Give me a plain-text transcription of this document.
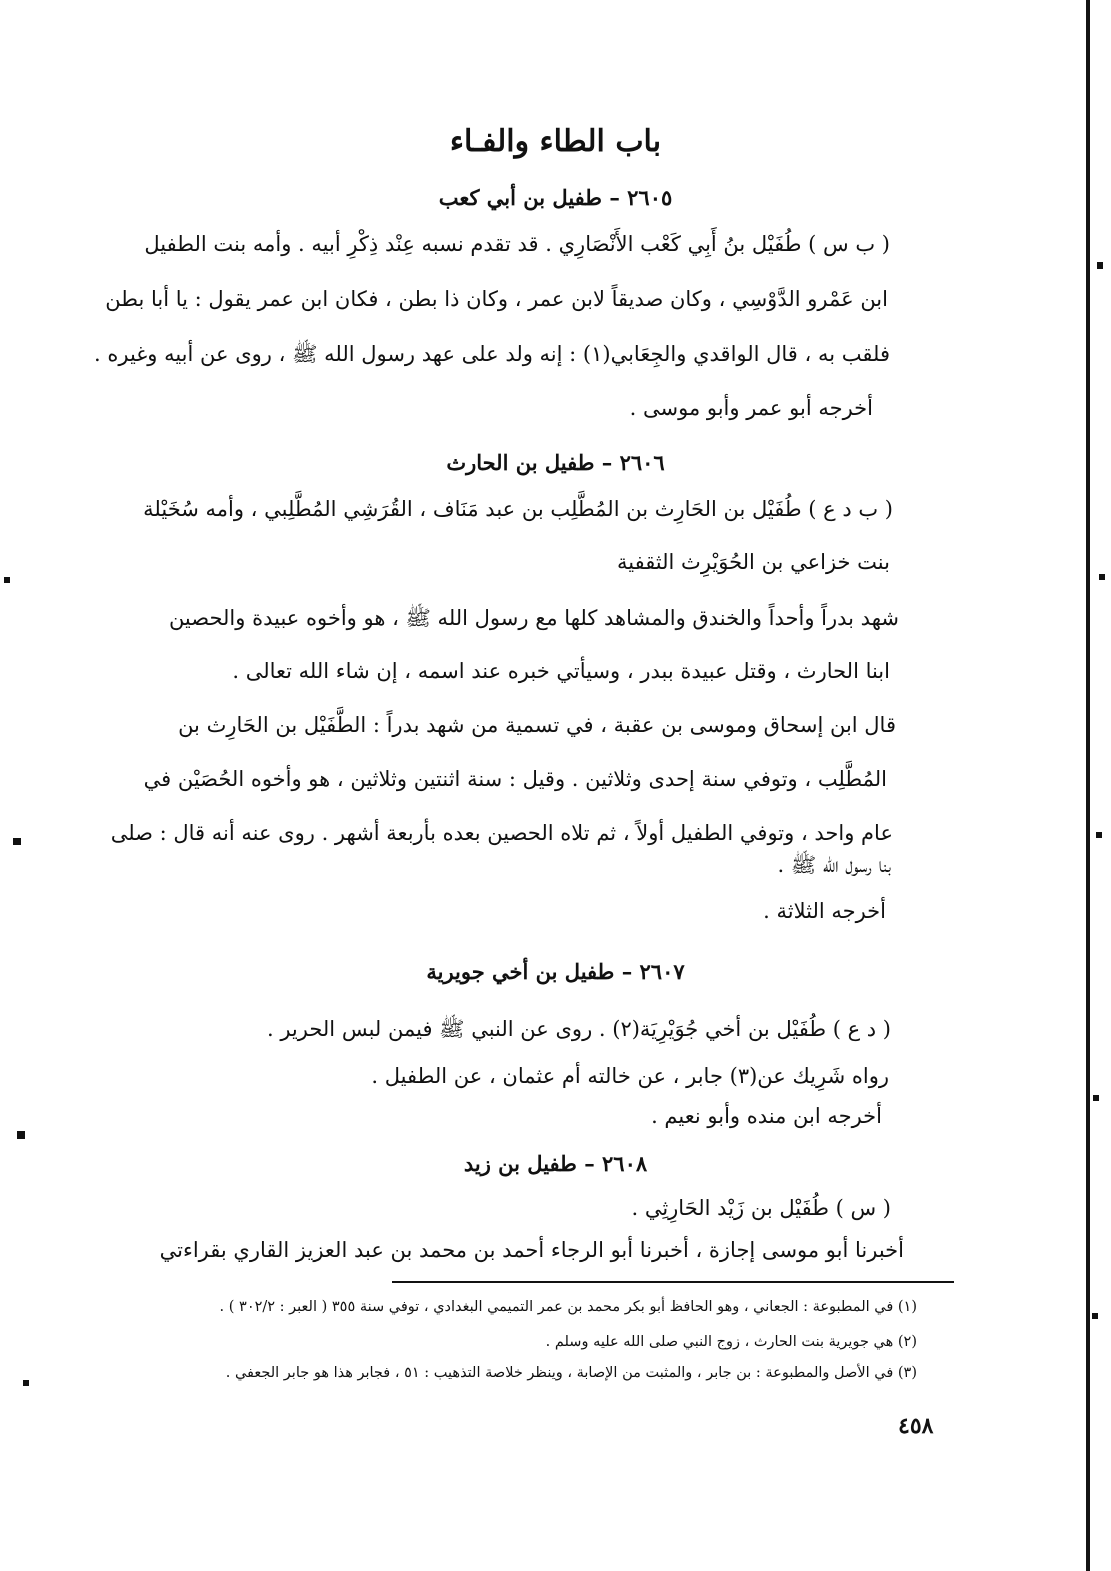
باب الطاء والفـاء
٢٦٠٥ – طفيل بن أبي كعب
( ب س ) طُفَيْل بنُ أَبِي كَعْب الأَنْصَارِي . قد تقدم نسبه عِنْد ذِكْرِ أبيه . وأمه بنت الطفيل
ابن عَمْرو الدَّوْسِي ، وكان صديقاً لابن عمر ، وكان ذا بطن ، فكان ابن عمر يقول : يا أبا بطن
فلقب به ، قال الواقدي والجِعَابي(١) : إنه ولد على عهد رسول الله ﷺ ، روى عن أبيه وغيره .
أخرجه أبو عمر وأبو موسى .
٢٦٠٦ – طفيل بن الحارث
( ب د ع ) طُفَيْل بن الحَارِث بن المُطَّلِب بن عبد مَنَاف ، القُرَشِي المُطَّلِبي ، وأمه سُخَيْلة
بنت خزاعي بن الحُوَيْرِث الثقفية
شهد بدراً وأحداً والخندق والمشاهد كلها مع رسول الله ﷺ ، هو وأخوه عبيدة والحصين
ابنا الحارث ، وقتل عبيدة ببدر ، وسيأتي خبره عند اسمه ، إن شاء الله تعالى .
قال ابن إسحاق وموسى بن عقبة ، في تسمية من شهد بدراً : الطَّفَيْل بن الحَارِث بن
المُطَّلِب ، وتوفي سنة إحدى وثلاثين . وقيل : سنة اثنتين وثلاثين ، هو وأخوه الحُصَيْن في
عام واحد ، وتوفي الطفيل أولاً ، ثم تلاه الحصين بعده بأربعة أشهر . روى عنه أنه قال : صلى
بنا رسول الله ﷺ .
أخرجه الثلاثة .
٢٦٠٧ – طفيل بن أخي جويرية
( د ع ) طُفَيْل بن أخي جُوَيْرِيَة(٢) . روى عن النبي ﷺ فيمن لبس الحرير .
رواه شَرِيك عن(٣) جابر ، عن خالته أم عثمان ، عن الطفيل .
أخرجه ابن منده وأبو نعيم .
٢٦٠٨ – طفيل بن زيد
( س ) طُفَيْل بن زَيْد الحَارِثِي .
أخبرنا أبو موسى إجازة ، أخبرنا أبو الرجاء أحمد بن محمد بن عبد العزيز القاري بقراءتي
(١) في المطبوعة : الجعاني ، وهو الحافظ أبو بكر محمد بن عمر التميمي البغدادي ، توفي سنة ٣٥٥ ( العبر : ٣٠٢/٢ ) .
(٢) هي جويرية بنت الحارث ، زوج النبي صلى الله عليه وسلم .
(٣) في الأصل والمطبوعة : بن جابر ، والمثبت من الإصابة ، وينظر خلاصة التذهيب : ٥١ ، فجابر هذا هو جابر الجعفي .
٤٥٨
